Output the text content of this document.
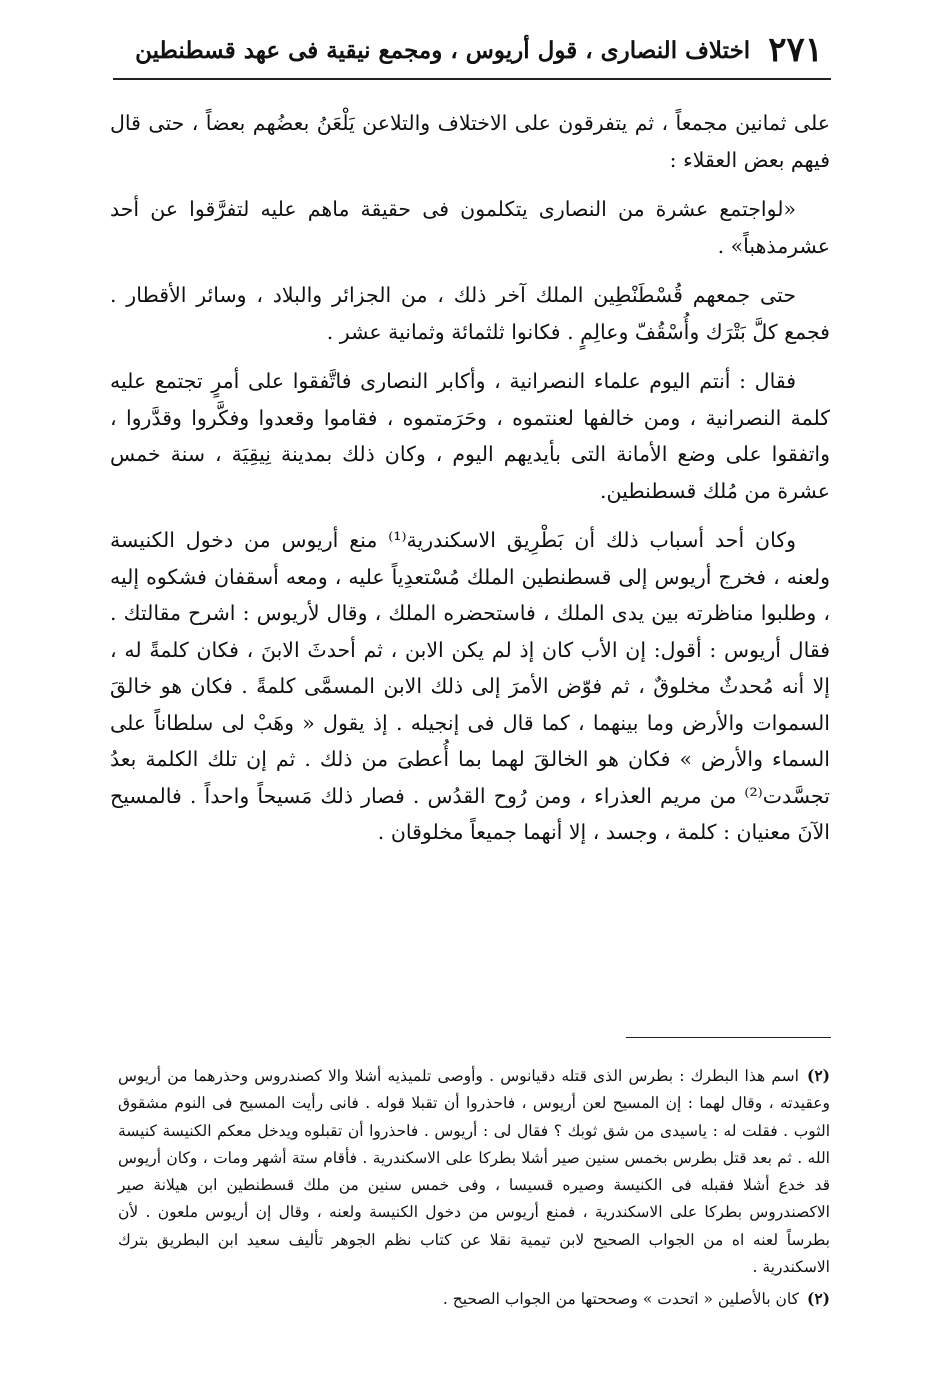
٢٧١
اختلاف النصارى ، قول أريوس ، ومجمع نيقية فى عهد قسطنطين

على ثمانين مجمعاً ، ثم يتفرقون على الاختلاف والتلاعن يَلْعَنُ بعضُهم بعضاً ، حتى قال فيهم بعض العقلاء :

«لواجتمع عشرة من النصارى يتكلمون فى حقيقة ماهم عليه لتفرَّقوا عن أحد عشرمذهباً» .

حتى جمعهم قُسْطَنْطِين الملك آخر ذلك ، من الجزائر والبلاد ، وسائر الأقطار . فجمع كلَّ بَتْرَك وأُسْقُفّ وعالِمٍ . فكانوا ثلثمائة وثمانية عشر .

فقال : أنتم اليوم علماء النصرانية ، وأكابر النصارى فاتَّفقوا على أمرٍ تجتمع عليه كلمة النصرانية ، ومن خالفها لعنتموه ، وحَرَمتموه ، فقاموا وقعدوا وفكَّروا وقدَّروا ، واتفقوا على وضع الأمانة التى بأيديهم اليوم ، وكان ذلك بمدينة نِيقِيَة ، سنة خمس عشرة من مُلك قسطنطين.

وكان أحد أسباب ذلك أن بَطْرِيق الاسكندرية⁽¹⁾ منع أريوس من دخول الكنيسة ولعنه ، فخرج أريوس إلى قسطنطين الملك مُسْتعدِياً عليه ، ومعه أسقفان فشكوه إليه ، وطلبوا مناظرته بين يدى الملك ، فاستحضره الملك ، وقال لأريوس : اشرح مقالتك . فقال أريوس : أقول: إن الأب كان إذ لم يكن الابن ، ثم أحدثَ الابنَ ، فكان كلمةً له ، إلا أنه مُحدثٌ مخلوقٌ ، ثم فوّض الأمرَ إلى ذلك الابن المسمَّى كلمةً . فكان هو خالقَ السموات والأرض وما بينهما ، كما قال فى إنجيله . إذ يقول « وهَبْ لى سلطاناً على السماء والأرض » فكان هو الخالقَ لهما بما أُعطىَ من ذلك . ثم إن تلك الكلمة بعدُ تجسَّدت⁽²⁾ من مريم العذراء ، ومن رُوح القدُس . فصار ذلك مَسيحاً واحداً . فالمسيح الآنَ معنيان : كلمة ، وجسد ، إلا أنهما جميعاً مخلوقان .

(٢)اسم هذا البطرك : بطرس الذى قتله دقيانوس . وأوصى تلميذيه أشلا والا كصندروس وحذرهما من أريوس وعقيدته ، وقال لهما : إن المسيح لعن أريوس ، فاحذروا أن تقبلا قوله . فانى رأيت المسيح فى النوم مشقوق الثوب . فقلت له : ياسيدى من شق ثوبك ؟ فقال لى : أريوس . فاحذروا أن تقبلوه ويدخل معكم الكنيسة كنيسة الله . ثم بعد قتل بطرس بخمس سنين صير أشلا بطركا على الاسكندرية . فأقام ستة أشهر ومات ، وكان أريوس قد خدع أشلا فقبله فى الكنيسة وصيره قسيسا ، وفى خمس سنين من ملك قسطنطين ابن هيلانة صير الاكصندروس بطركا على الاسكندرية ، فمنع أريوس من دخول الكنيسة ولعنه ، وقال إن أريوس ملعون . لأن بطرساً لعنه اه من الجواب الصحيح لابن تيمية نقلا عن كتاب نظم الجوهر تأليف سعيد ابن البطريق بترك الاسكندرية .

(٢)كان بالأصلين « اتحدت » وصححتها من الجواب الصحيح .
